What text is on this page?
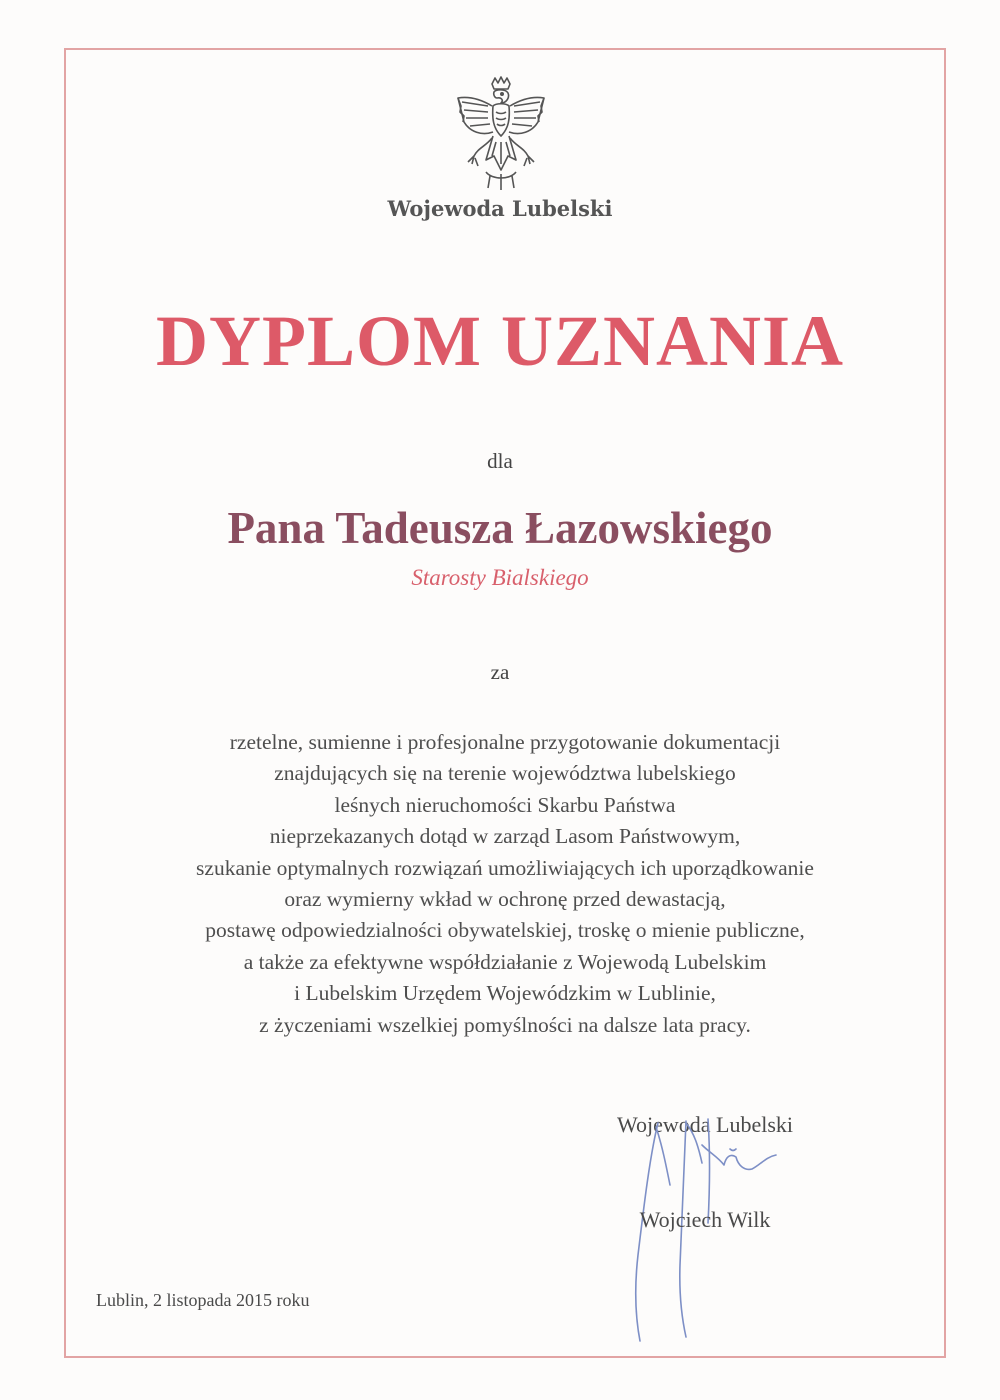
Wojewoda Lubelski
DYPLOM UZNANIA
dla
Pana Tadeusza Łazowskiego
Starosty Bialskiego
za
rzetelne, sumienne i profesjonalne przygotowanie dokumentacji
znajdujących się na terenie województwa lubelskiego
leśnych nieruchomości Skarbu Państwa
nieprzekazanych dotąd w zarząd Lasom Państwowym,
szukanie optymalnych rozwiązań umożliwiających ich uporządkowanie
oraz wymierny wkład w ochronę przed dewastacją,
postawę odpowiedzialności obywatelskiej, troskę o mienie publiczne,
a także za efektywne współdziałanie z Wojewodą Lubelskim
i Lubelskim Urzędem Wojewódzkim w Lublinie,
z życzeniami wszelkiej pomyślności na dalsze lata pracy.
Wojewoda Lubelski
Wojciech Wilk
Lublin, 2 listopada 2015 roku
